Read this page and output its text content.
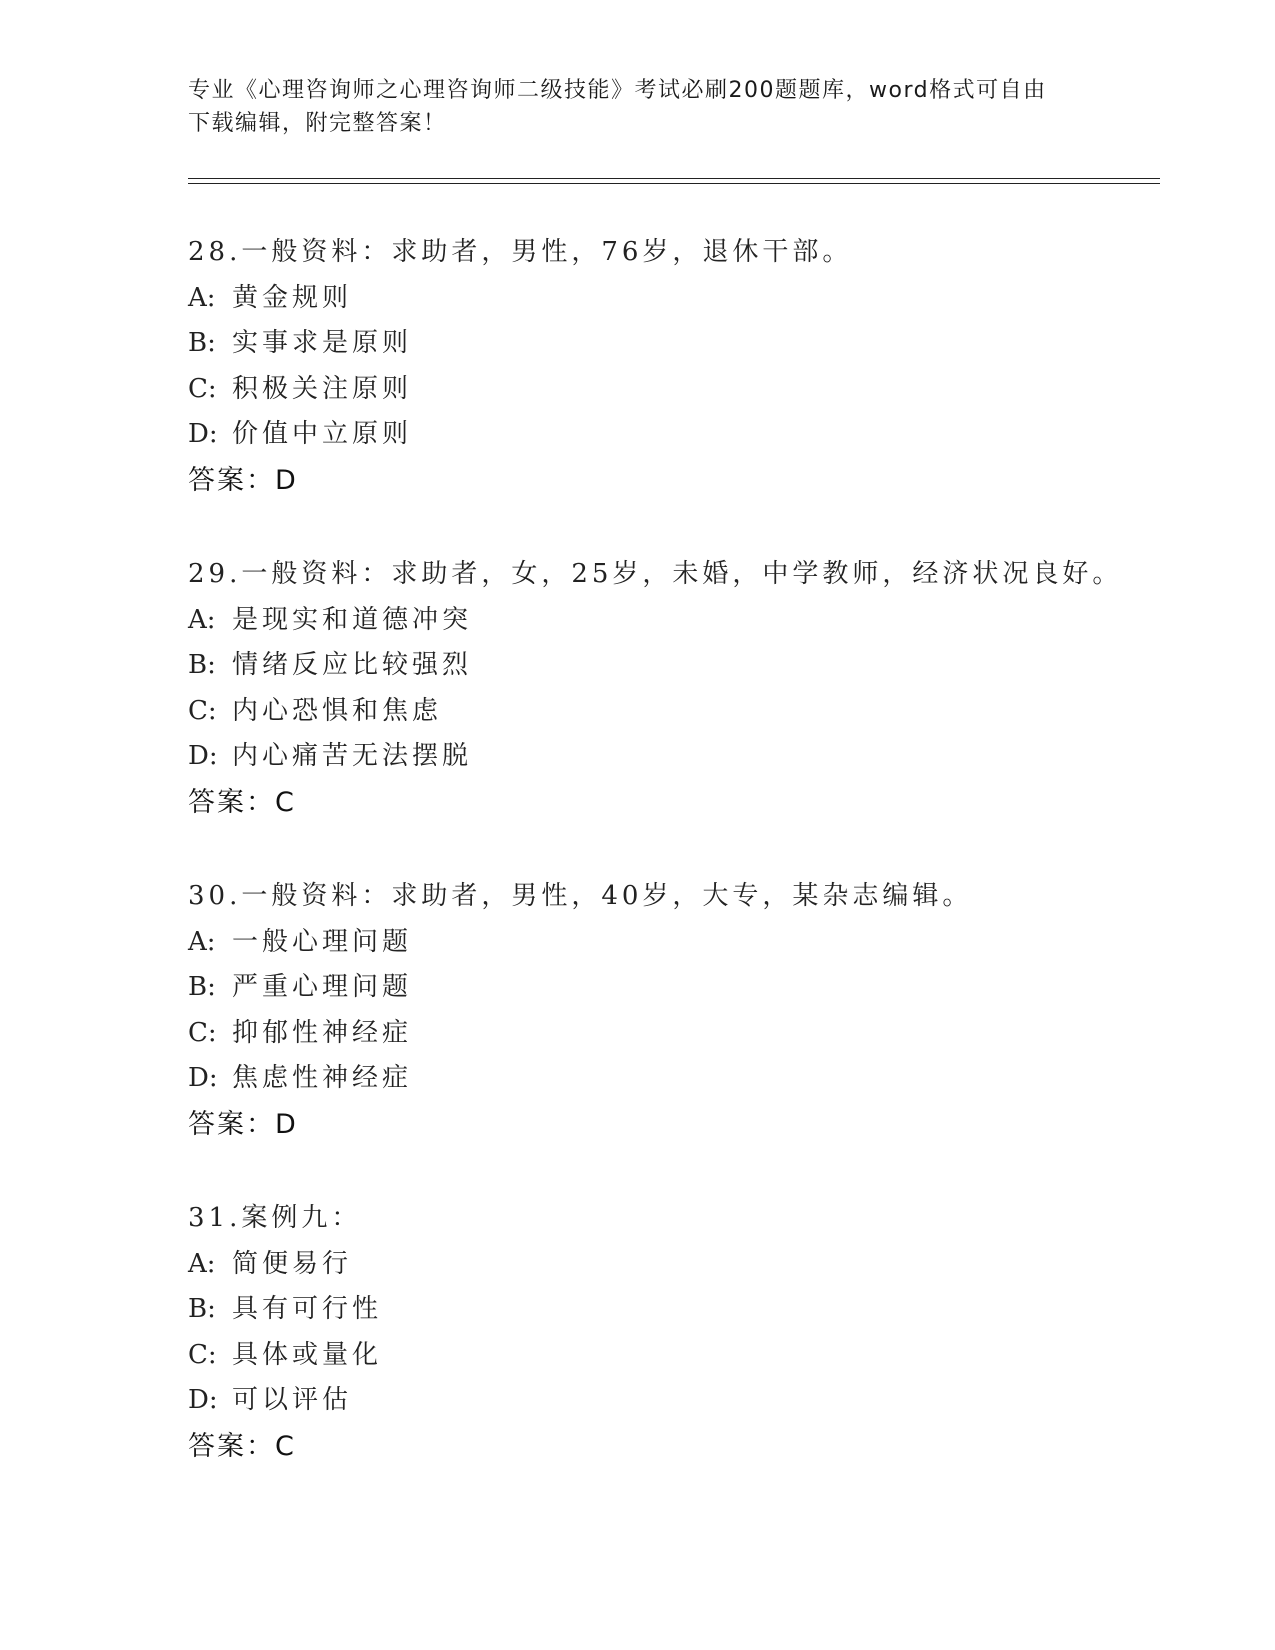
专业《心理咨询师之心理咨询师二级技能》考试必刷200题题库，word格式可自由下载编辑，附完整答案！
28.一般资料：求助者，男性，76岁，退休干部。
A: 黄金规则
B: 实事求是原则
C: 积极关注原则
D: 价值中立原则
答案：D
29.一般资料：求助者，女，25岁，未婚，中学教师，经济状况良好。
A: 是现实和道德冲突
B: 情绪反应比较强烈
C: 内心恐惧和焦虑
D: 内心痛苦无法摆脱
答案：C
30.一般资料：求助者，男性，40岁，大专，某杂志编辑。
A: 一般心理问题
B: 严重心理问题
C: 抑郁性神经症
D: 焦虑性神经症
答案：D
31.案例九：
A: 简便易行
B: 具有可行性
C: 具体或量化
D: 可以评估
答案：C
